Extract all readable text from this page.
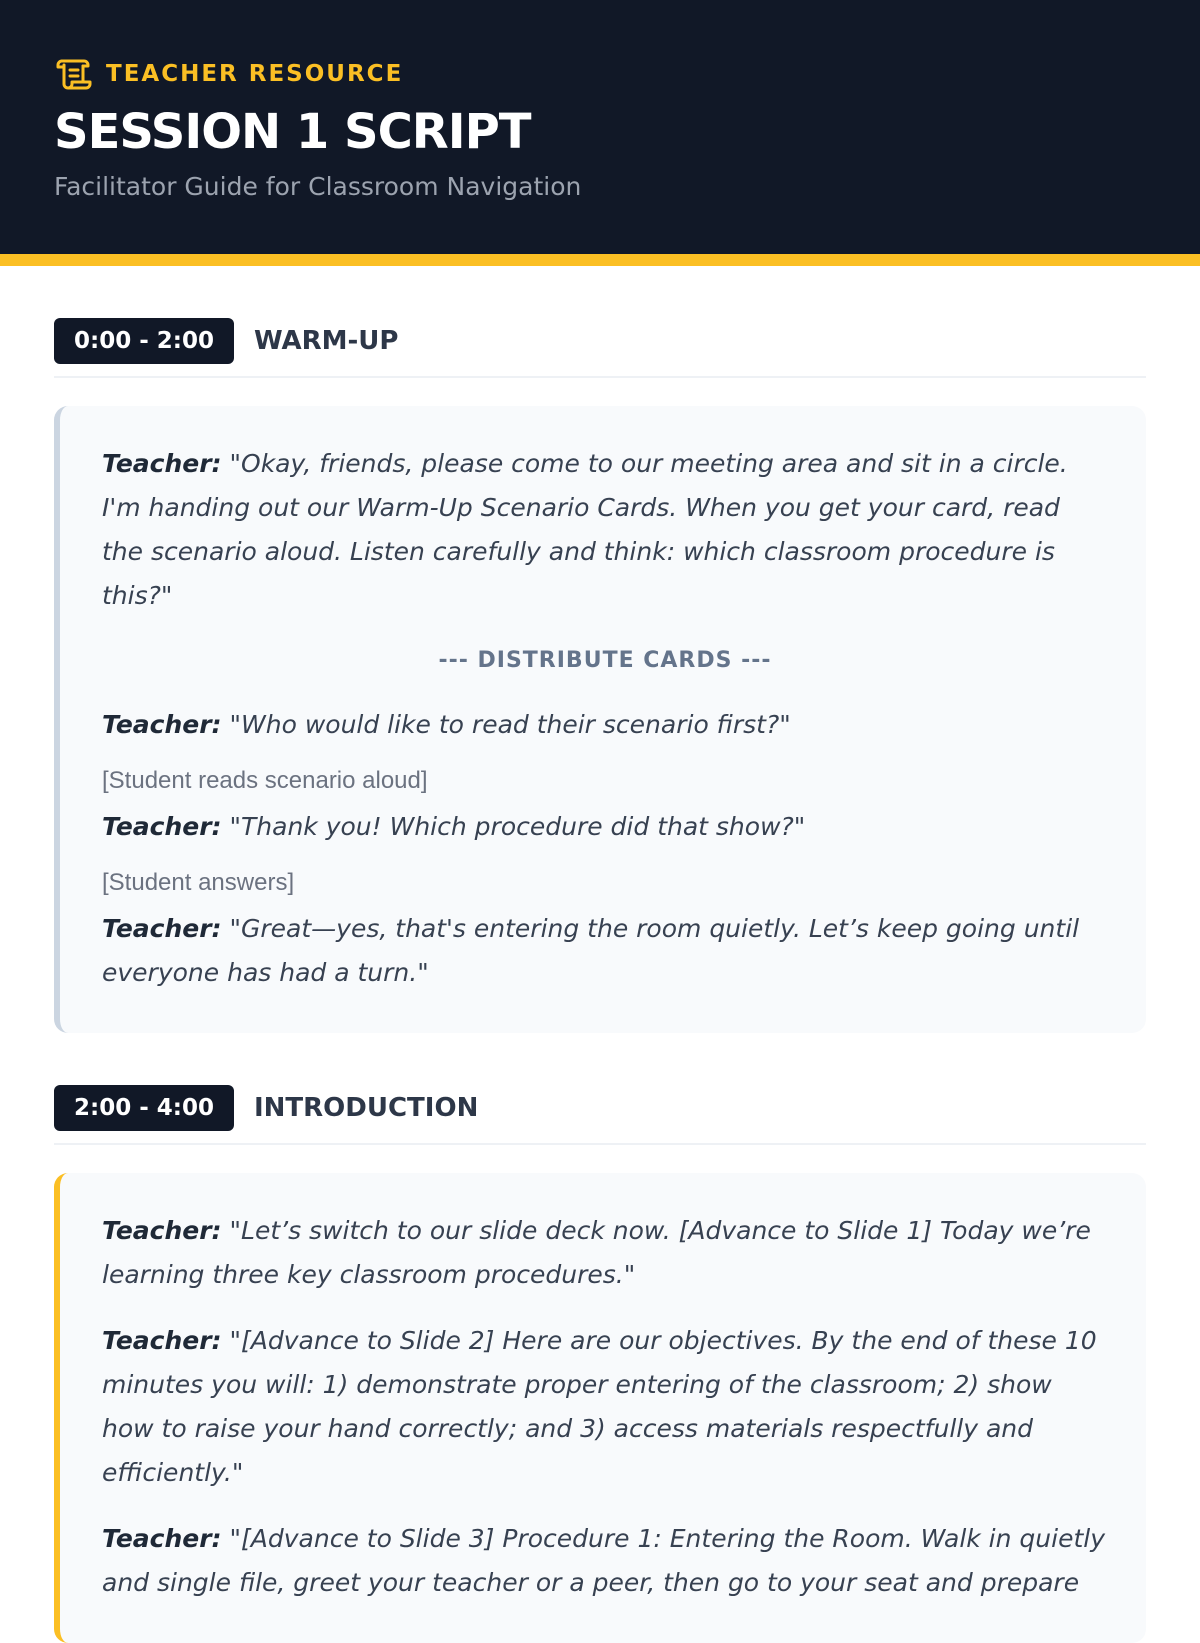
TEACHER RESOURCE
SESSION 1 SCRIPT
Facilitator Guide for Classroom Navigation
0:00 - 2:00	WARM-UP

Teacher: "Okay, friends, please come to our meeting area and sit in a circle. I'm handing out our Warm-Up Scenario Cards. When you get your card, read the scenario aloud. Listen carefully and think: which classroom procedure is this?"

--- DISTRIBUTE CARDS ---

Teacher: "Who would like to read their scenario first?"

[Student reads scenario aloud]

Teacher: "Thank you! Which procedure did that show?"

[Student answers]

Teacher: "Great—yes, that's entering the room quietly. Let’s keep going until everyone has had a turn."

2:00 - 4:00	INTRODUCTION

Teacher: "Let’s switch to our slide deck now. [Advance to Slide 1] Today we’re learning three key classroom procedures."

Teacher: "[Advance to Slide 2] Here are our objectives. By the end of these 10 minutes you will: 1) demonstrate proper entering of the classroom; 2) show how to raise your hand correctly; and 3) access materials respectfully and efficiently."

Teacher: "[Advance to Slide 3] Procedure 1: Entering the Room. Walk in quietly and single file, greet your teacher or a peer, then go to your seat and prepare
